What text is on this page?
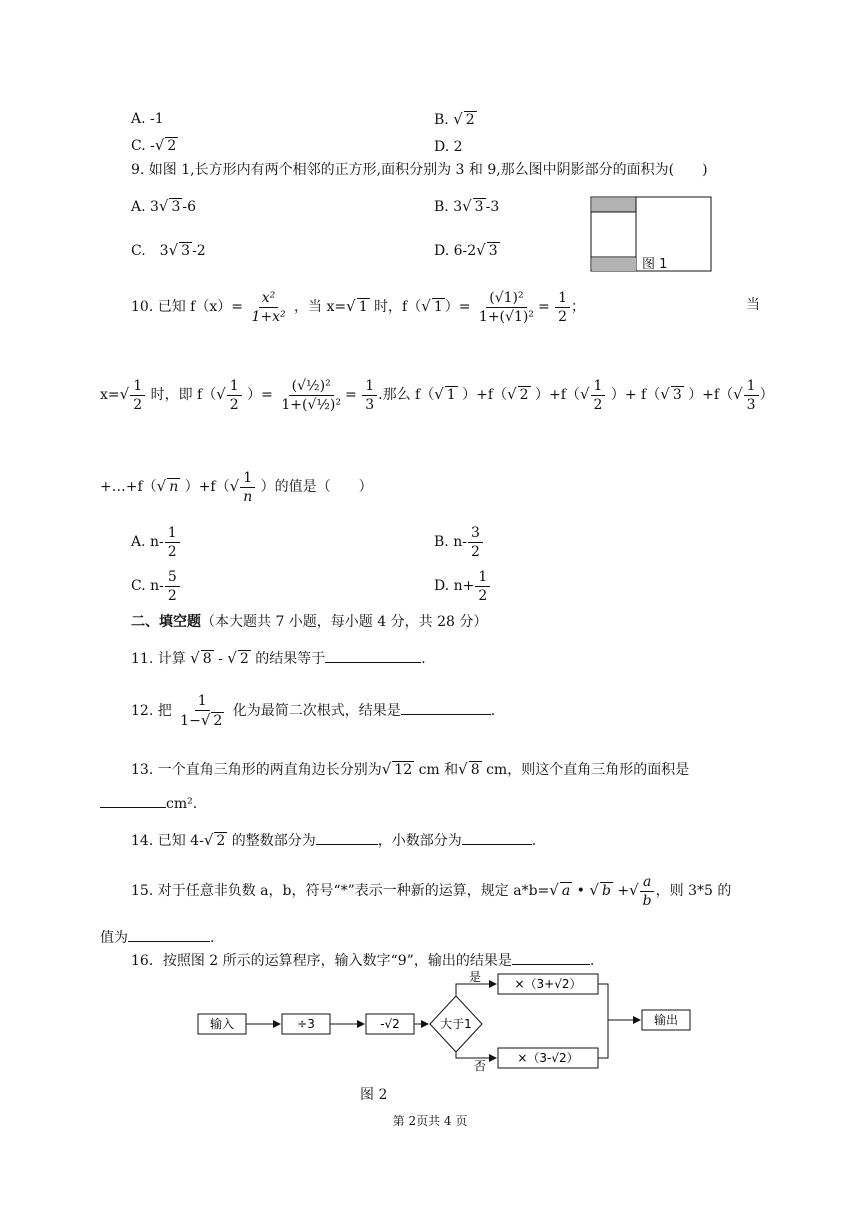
A. -1	B. √ 2
C. -√ 2	D. 2
9. 如图 1,长方形内有两个相邻的正方形,面积分别为 3 和 9,那么图中阴影部分的面积为(　　)
A. 3√ 3 -6	B. 3√ 3 -3
C.　3√ 3 -2	D. 6-2√ 3
图 1
10. 已知 $f(x)= \frac{\text{x²}}{\text{1+x²}}$ ，当 x=√ 1 时，f（√ 1 ）= $\frac{\text{(√1)²}}{\text{1+(√1)²}} = \frac{1}{2}$ ；	当
$x=√ \frac{1}{2}$ 时，即 $f(√ \frac{1}{2}$ ）= $\frac{\text{(√½)²}}{\text{1+(√½)²}} = \frac{1}{3}$ .那么 f（√ 1 ）+f（√ 2 ）$+f(√ \frac{1}{2}$ ）+ f（√ 3 ）$+f(√ \frac{1}{3}$ ）
+…+f（√ n ）$+f(√ \frac{1}{n}$ ）的值是（　　）
A. $n- \frac{1}{2}$	B. $n- \frac{3}{2}$
C. $n- \frac{5}{2}$	D. $n+ \frac{1}{2}$
二、填空题（本大题共 7 小题，每小题 4 分，共 28 分）
11. 计算 √ 8 - √ 2 的结果等于	.
12. 把 $\frac{1}{1-√ 2}$ 化为最简二次根式，结果是	.
13. 一个直角三角形的两直角边长分别为√ 12 cm 和√ 8 cm，则这个直角三角形的面积是
cm².
14. 已知 4-√ 2 的整数部分为	，小数部分为	.
15. 对于任意非负数 a，b，符号“*”表示一种新的运算，规定 a*b=√ a • √ b +√ $\frac{a}{b}$ ，则 3*5 的
值为	.
16．按照图 2 所示的运算程序，输入数字“9”，输出的结果是	.
输入	÷3	-√2	大于1
是
否
×（3+√2）
×（3-√2）
输出
图 2
第 2页共 4 页
